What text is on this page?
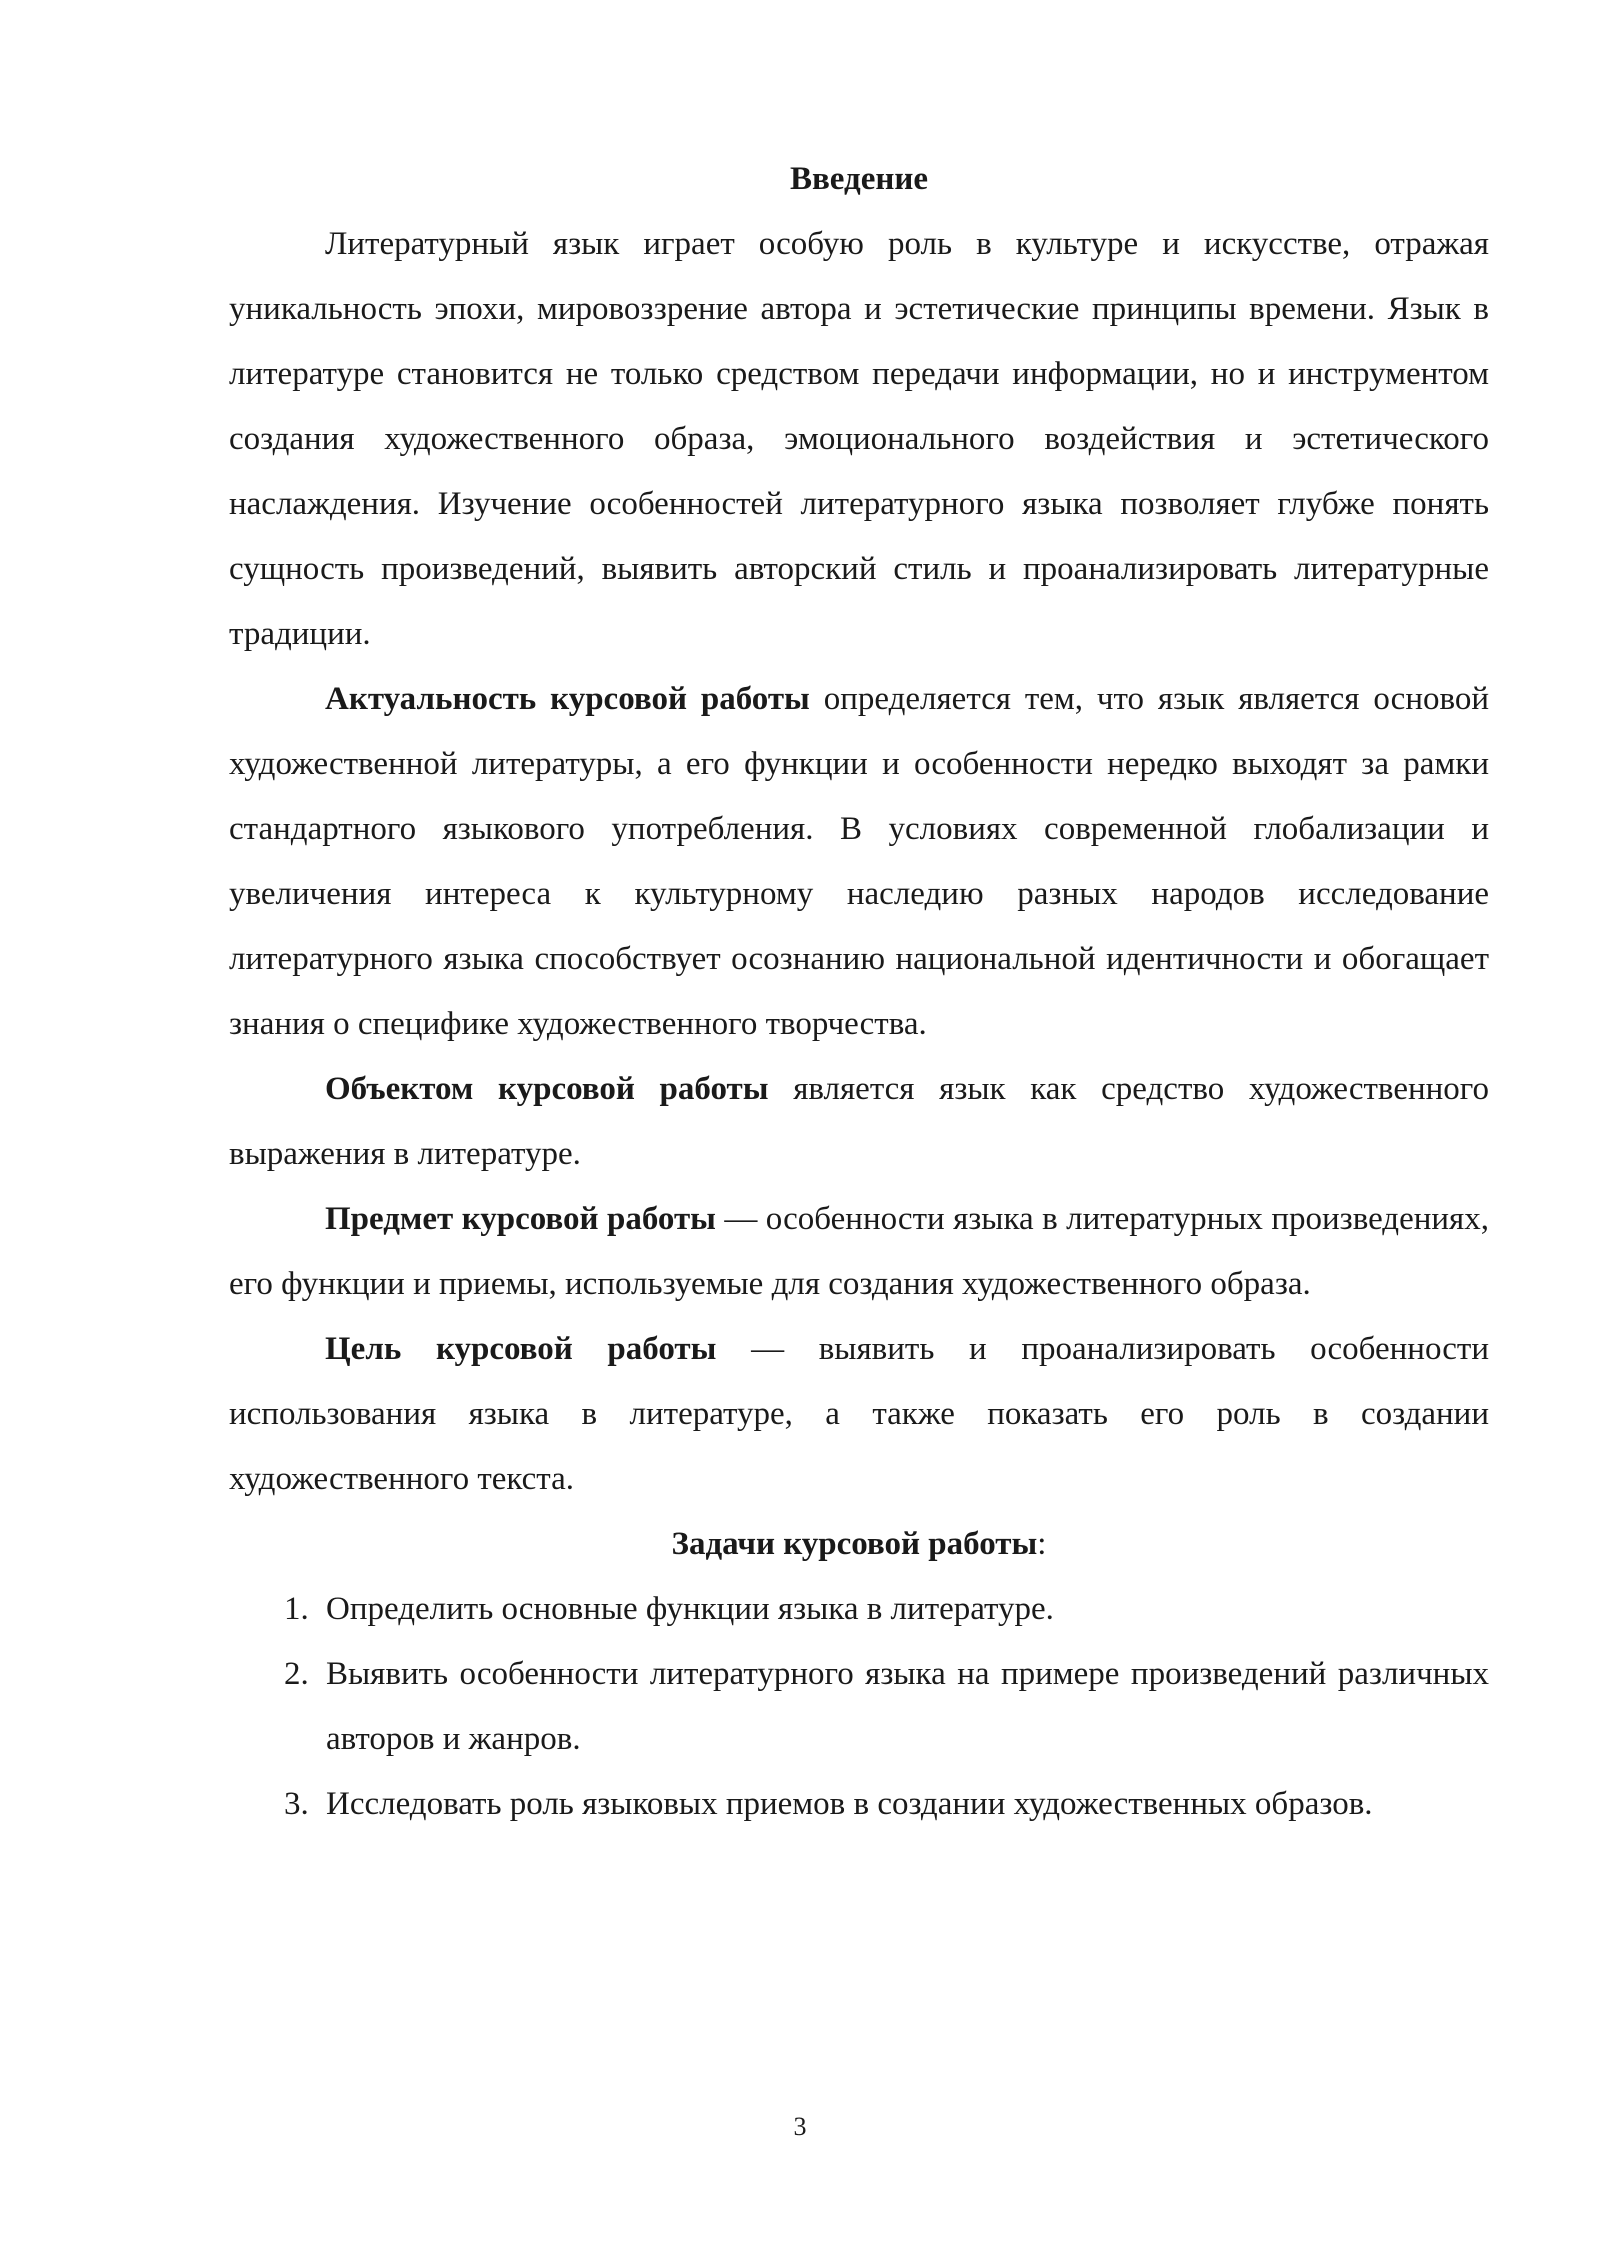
Введение

Литературный язык играет особую роль в культуре и искусстве, отражая уникальность эпохи, мировоззрение автора и эстетические принципы времени. Язык в литературе становится не только средством передачи информации, но и инструментом создания художественного образа, эмоционального воздействия и эстетического наслаждения. Изучение особенностей литературного языка позволяет глубже понять сущность произведений, выявить авторский стиль и проанализировать литературные традиции.

Актуальность курсовой работы определяется тем, что язык является основой художественной литературы, а его функции и особенности нередко выходят за рамки стандартного языкового употребления. В условиях современной глобализации и увеличения интереса к культурному наследию разных народов исследование литературного языка способствует осознанию национальной идентичности и обогащает знания о специфике художественного творчества.

Объектом курсовой работы является язык как средство художественного выражения в литературе.

Предмет курсовой работы — особенности языка в литературных произведениях, его функции и приемы, используемые для создания художественного образа.

Цель курсовой работы — выявить и проанализировать особенности использования языка в литературе, а также показать его роль в создании художественного текста.

Задачи курсовой работы:

1. Определить основные функции языка в литературе.
2. Выявить особенности литературного языка на примере произведений различных авторов и жанров.
3. Исследовать роль языковых приемов в создании художественных образов.
3
